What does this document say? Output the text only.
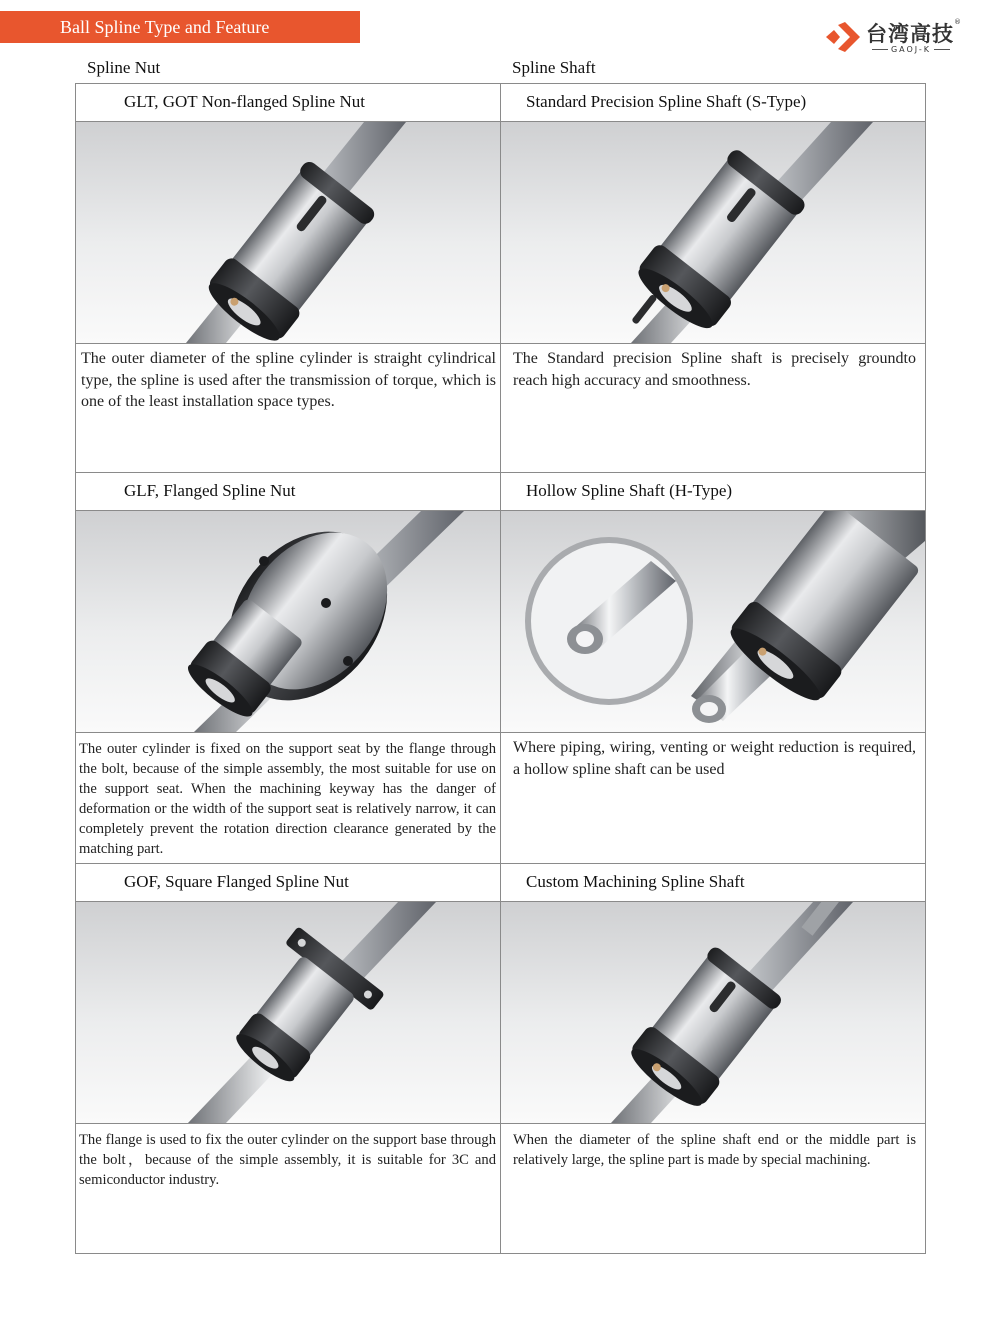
Ball Spline Type and Feature	台湾高技®
GAOJ-K
Spline Nut	Spline Shaft
GLT, GOT Non-flanged Spline Nut
The outer diameter of the spline cylinder is straight cylindrical type, the spline is used after the transmission of torque, which is one of the least installation space types.
Standard Precision Spline Shaft (S-Type)
The Standard precision Spline shaft is precisely groundto reach high accuracy and smoothness.
GLF, Flanged Spline Nut
The outer cylinder is fixed on the support seat by the flange through the bolt, because of the simple assembly, the most suitable for use on the support seat. When the machining keyway has the danger of deformation or the width of the support seat is relatively narrow, it can completely prevent the rotation direction clearance generated by the matching part.
Hollow Spline Shaft (H-Type)
Where piping, wiring, venting or weight reduction is required, a hollow spline shaft can be used
GOF, Square Flanged Spline Nut
The flange is used to fix the outer cylinder on the support base through the bolt，because of the simple assembly, it is suitable for 3C and semiconductor industry.
Custom Machining Spline Shaft
When the diameter of the spline shaft end or the middle part is relatively large, the spline part is made by special machining.
